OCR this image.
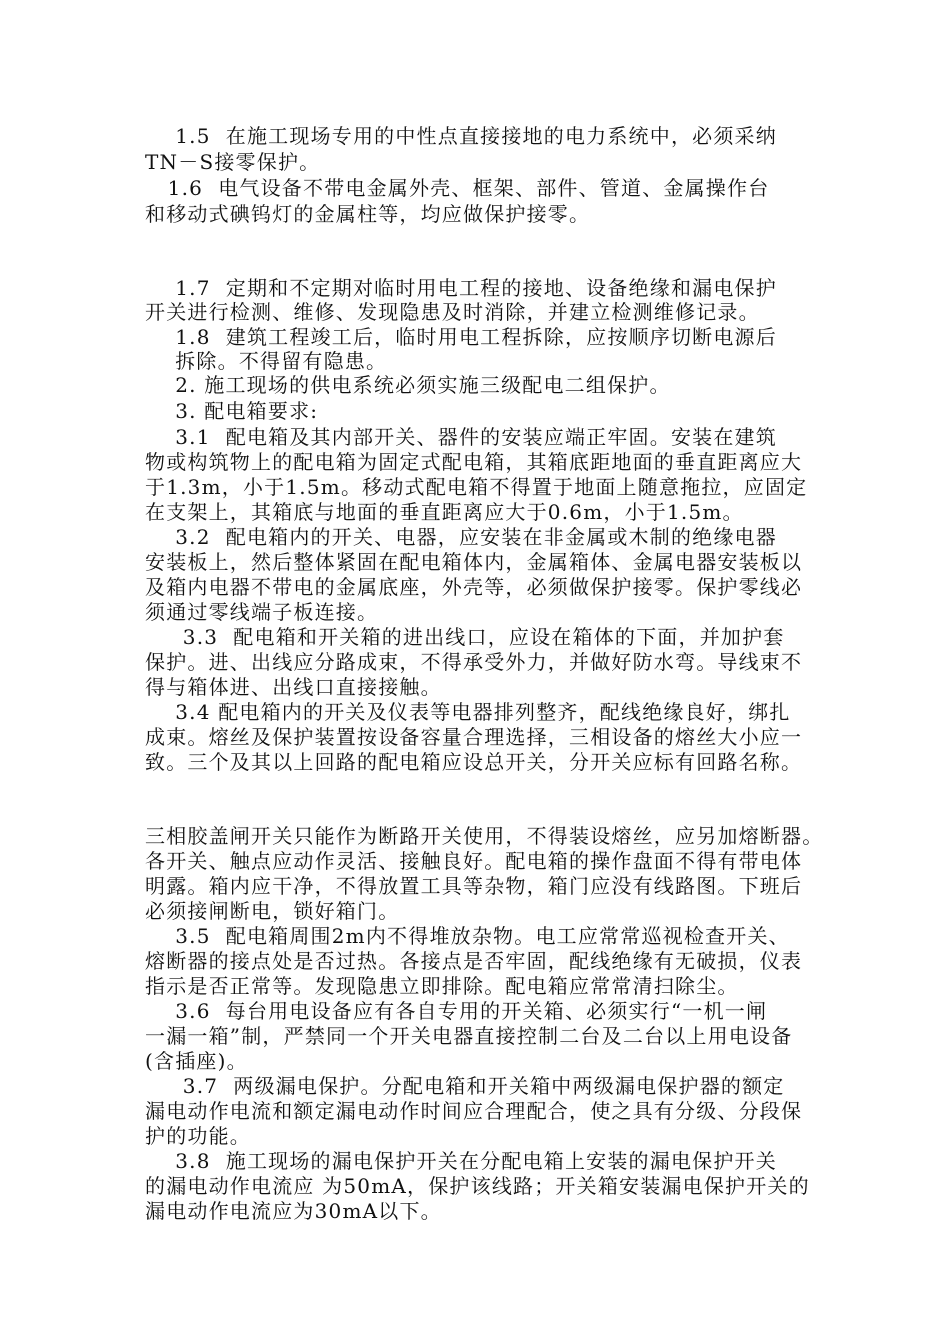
1.5  在施工现场专用的中性点直接接地的电力系统中，必须采纳
TN－S接零保护。
1.6  电气设备不带电金属外壳、框架、部件、管道、金属操作台
和移动式碘钨灯的金属柱等，均应做保护接零。
1.7  定期和不定期对临时用电工程的接地、设备绝缘和漏电保护
开关进行检测、维修、发现隐患及时消除，并建立检测维修记录。
1.8  建筑工程竣工后，临时用电工程拆除，应按顺序切断电源后
拆除。不得留有隐患。
2. 施工现场的供电系统必须实施三级配电二组保护。
3. 配电箱要求:
3.1  配电箱及其内部开关、器件的安装应端正牢固。安装在建筑
物或构筑物上的配电箱为固定式配电箱，其箱底距地面的垂直距离应大
于1.3m，小于1.5m。移动式配电箱不得置于地面上随意拖拉，应固定
在支架上，其箱底与地面的垂直距离应大于0.6m，小于1.5m。
3.2  配电箱内的开关、电器，应安装在非金属或木制的绝缘电器
安装板上，然后整体紧固在配电箱体内，金属箱体、金属电器安装板以
及箱内电器不带电的金属底座，外壳等，必须做保护接零。保护零线必
须通过零线端子板连接。
3.3  配电箱和开关箱的进出线口，应设在箱体的下面，并加护套
保护。进、出线应分路成束，不得承受外力，并做好防水弯。导线束不
得与箱体进、出线口直接接触。
3.4 配电箱内的开关及仪表等电器排列整齐，配线绝缘良好，绑扎
成束。熔丝及保护装置按设备容量合理选择，三相设备的熔丝大小应一
致。三个及其以上回路的配电箱应设总开关，分开关应标有回路名称。
三相胶盖闸开关只能作为断路开关使用，不得装设熔丝，应另加熔断器。
各开关、触点应动作灵活、接触良好。配电箱的操作盘面不得有带电体
明露。箱内应干净，不得放置工具等杂物，箱门应没有线路图。下班后
必须接闸断电，锁好箱门。
3.5  配电箱周围2m内不得堆放杂物。电工应常常巡视检查开关、
熔断器的接点处是否过热。各接点是否牢固，配线绝缘有无破损，仪表
指示是否正常等。发现隐患立即排除。配电箱应常常清扫除尘。
3.6  每台用电设备应有各自专用的开关箱、必须实行“一机一闸
一漏一箱”制，严禁同一个开关电器直接控制二台及二台以上用电设备
(含插座)。
3.7  两级漏电保护。分配电箱和开关箱中两级漏电保护器的额定
漏电动作电流和额定漏电动作时间应合理配合，使之具有分级、分段保
护的功能。
3.8  施工现场的漏电保护开关在分配电箱上安装的漏电保护开关
的漏电动作电流应 为50mA，保护该线路；开关箱安装漏电保护开关的
漏电动作电流应为30mA以下。
